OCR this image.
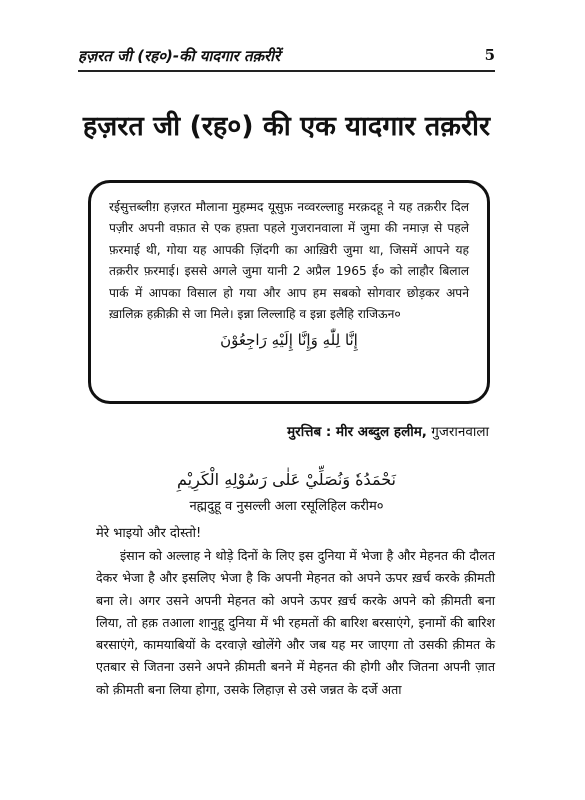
हज़रत जी (रह०)-की यादगार तक़रीरें	5
हज़रत जी (रह०) की एक यादगार तक़रीर

रईसुत्तब्लीग़ हज़रत मौलाना मुहम्मद यूसुफ़ नव्वरल्लाहु मरक़दहू ने यह तक़रीर दिल पज़ीर अपनी वफ़ात से एक हफ़्ता पहले गुजरानवाला में जुमा की नमाज़ से पहले फ़रमाई थी, गोया यह आपकी ज़िंदगी का आख़िरी जुमा था, जिसमें आपने यह तक़रीर फ़रमाई। इससे अगले जुमा यानी 2 अप्रैल 1965 ई० को लाहौर बिलाल पार्क में आपका विसाल हो गया और आप हम सबको सोगवार छोड़कर अपने ख़ालिक़ हक़ीक़ी से जा मिले। इन्ना लिल्लाहि व इन्ना इलैहि राजिऊन०

إِنَّا لِلّٰهِ وَإِنَّا إِلَيْهِ رَاجِعُوْنَ
मुरत्तिब : मीर अब्दुल हलीम, गुजरानवाला
نَحْمَدُهٗ وَنُصَلِّيْ عَلٰى رَسُوْلِهِ الْكَرِيْمِ
नह्मदुहू व नुसल्ली अला रसूलिहिल करीम०
मेरे भाइयो और दोस्तो!

इंसान को अल्लाह ने थोड़े दिनों के लिए इस दुनिया में भेजा है और मेहनत की दौलत देकर भेजा है और इसलिए भेजा है कि अपनी मेहनत को अपने ऊपर ख़र्च करके क़ीमती बना ले। अगर उसने अपनी मेहनत को अपने ऊपर ख़र्च करके अपने को क़ीमती बना लिया, तो हक़ तआला शानुहू दुनिया में भी रहमतों की बारिश बरसाएंगे, इनामों की बारिश बरसाएंगे, कामयाबियों के दरवाज़े खोलेंगे और जब यह मर जाएगा तो उसकी क़ीमत के एतबार से जितना उसने अपने क़ीमती बनने में मेहनत की होगी और जितना अपनी ज़ात को क़ीमती बना लिया होगा, उसके लिहाज़ से उसे जन्नत के दर्जे अता
